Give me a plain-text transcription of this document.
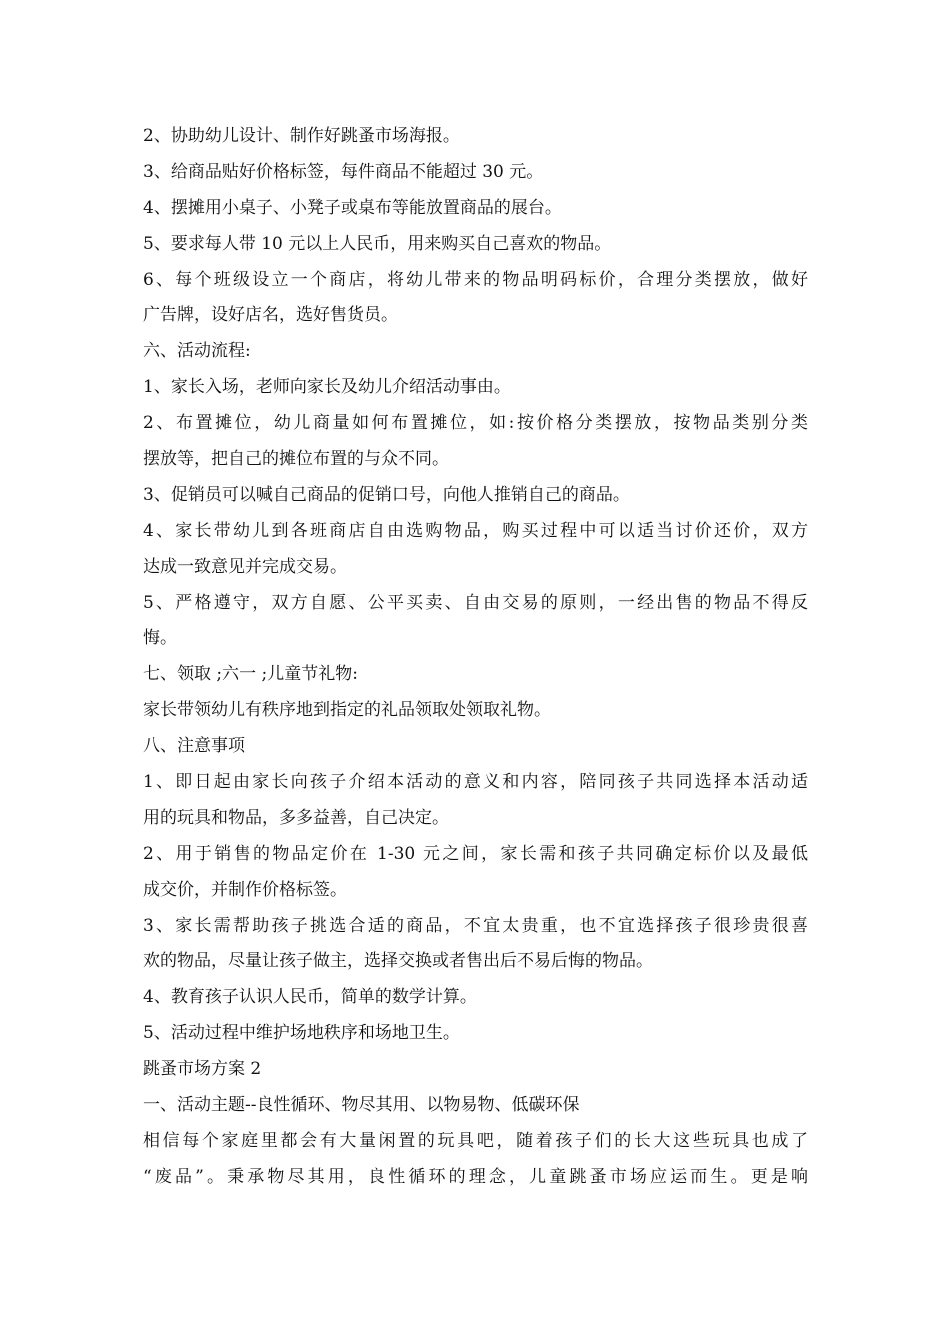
2、协助幼儿设计、制作好跳蚤市场海报。
3、给商品贴好价格标签，每件商品不能超过 30 元。
4、摆摊用小桌子、小凳子或桌布等能放置商品的展台。
5、要求每人带 10 元以上人民币，用来购买自己喜欢的物品。
6、每个班级设立一个商店，将幼儿带来的物品明码标价，合理分类摆放，做好
广告牌，设好店名，选好售货员。
六、活动流程:
1、家长入场，老师向家长及幼儿介绍活动事由。
2、布置摊位，幼儿商量如何布置摊位，如:按价格分类摆放，按物品类别分类
摆放等，把自己的摊位布置的与众不同。
3、促销员可以喊自己商品的促销口号，向他人推销自己的商品。
4、家长带幼儿到各班商店自由选购物品，购买过程中可以适当讨价还价，双方
达成一致意见并完成交易。
5、严格遵守，双方自愿、公平买卖、自由交易的原则，一经出售的物品不得反
悔。
七、领取 ;六一 ;儿童节礼物:
家长带领幼儿有秩序地到指定的礼品领取处领取礼物。
八、注意事项
1、即日起由家长向孩子介绍本活动的意义和内容，陪同孩子共同选择本活动适
用的玩具和物品，多多益善，自己决定。
2、用于销售的物品定价在 1-30 元之间，家长需和孩子共同确定标价以及最低
成交价，并制作价格标签。
3、家长需帮助孩子挑选合适的商品，不宜太贵重，也不宜选择孩子很珍贵很喜
欢的物品，尽量让孩子做主，选择交换或者售出后不易后悔的物品。
4、教育孩子认识人民币，简单的数学计算。
5、活动过程中维护场地秩序和场地卫生。
跳蚤市场方案 2
一、活动主题--良性循环、物尽其用、以物易物、低碳环保
相信每个家庭里都会有大量闲置的玩具吧，随着孩子们的长大这些玩具也成了
“废品”。秉承物尽其用，良性循环的理念，儿童跳蚤市场应运而生。更是响
